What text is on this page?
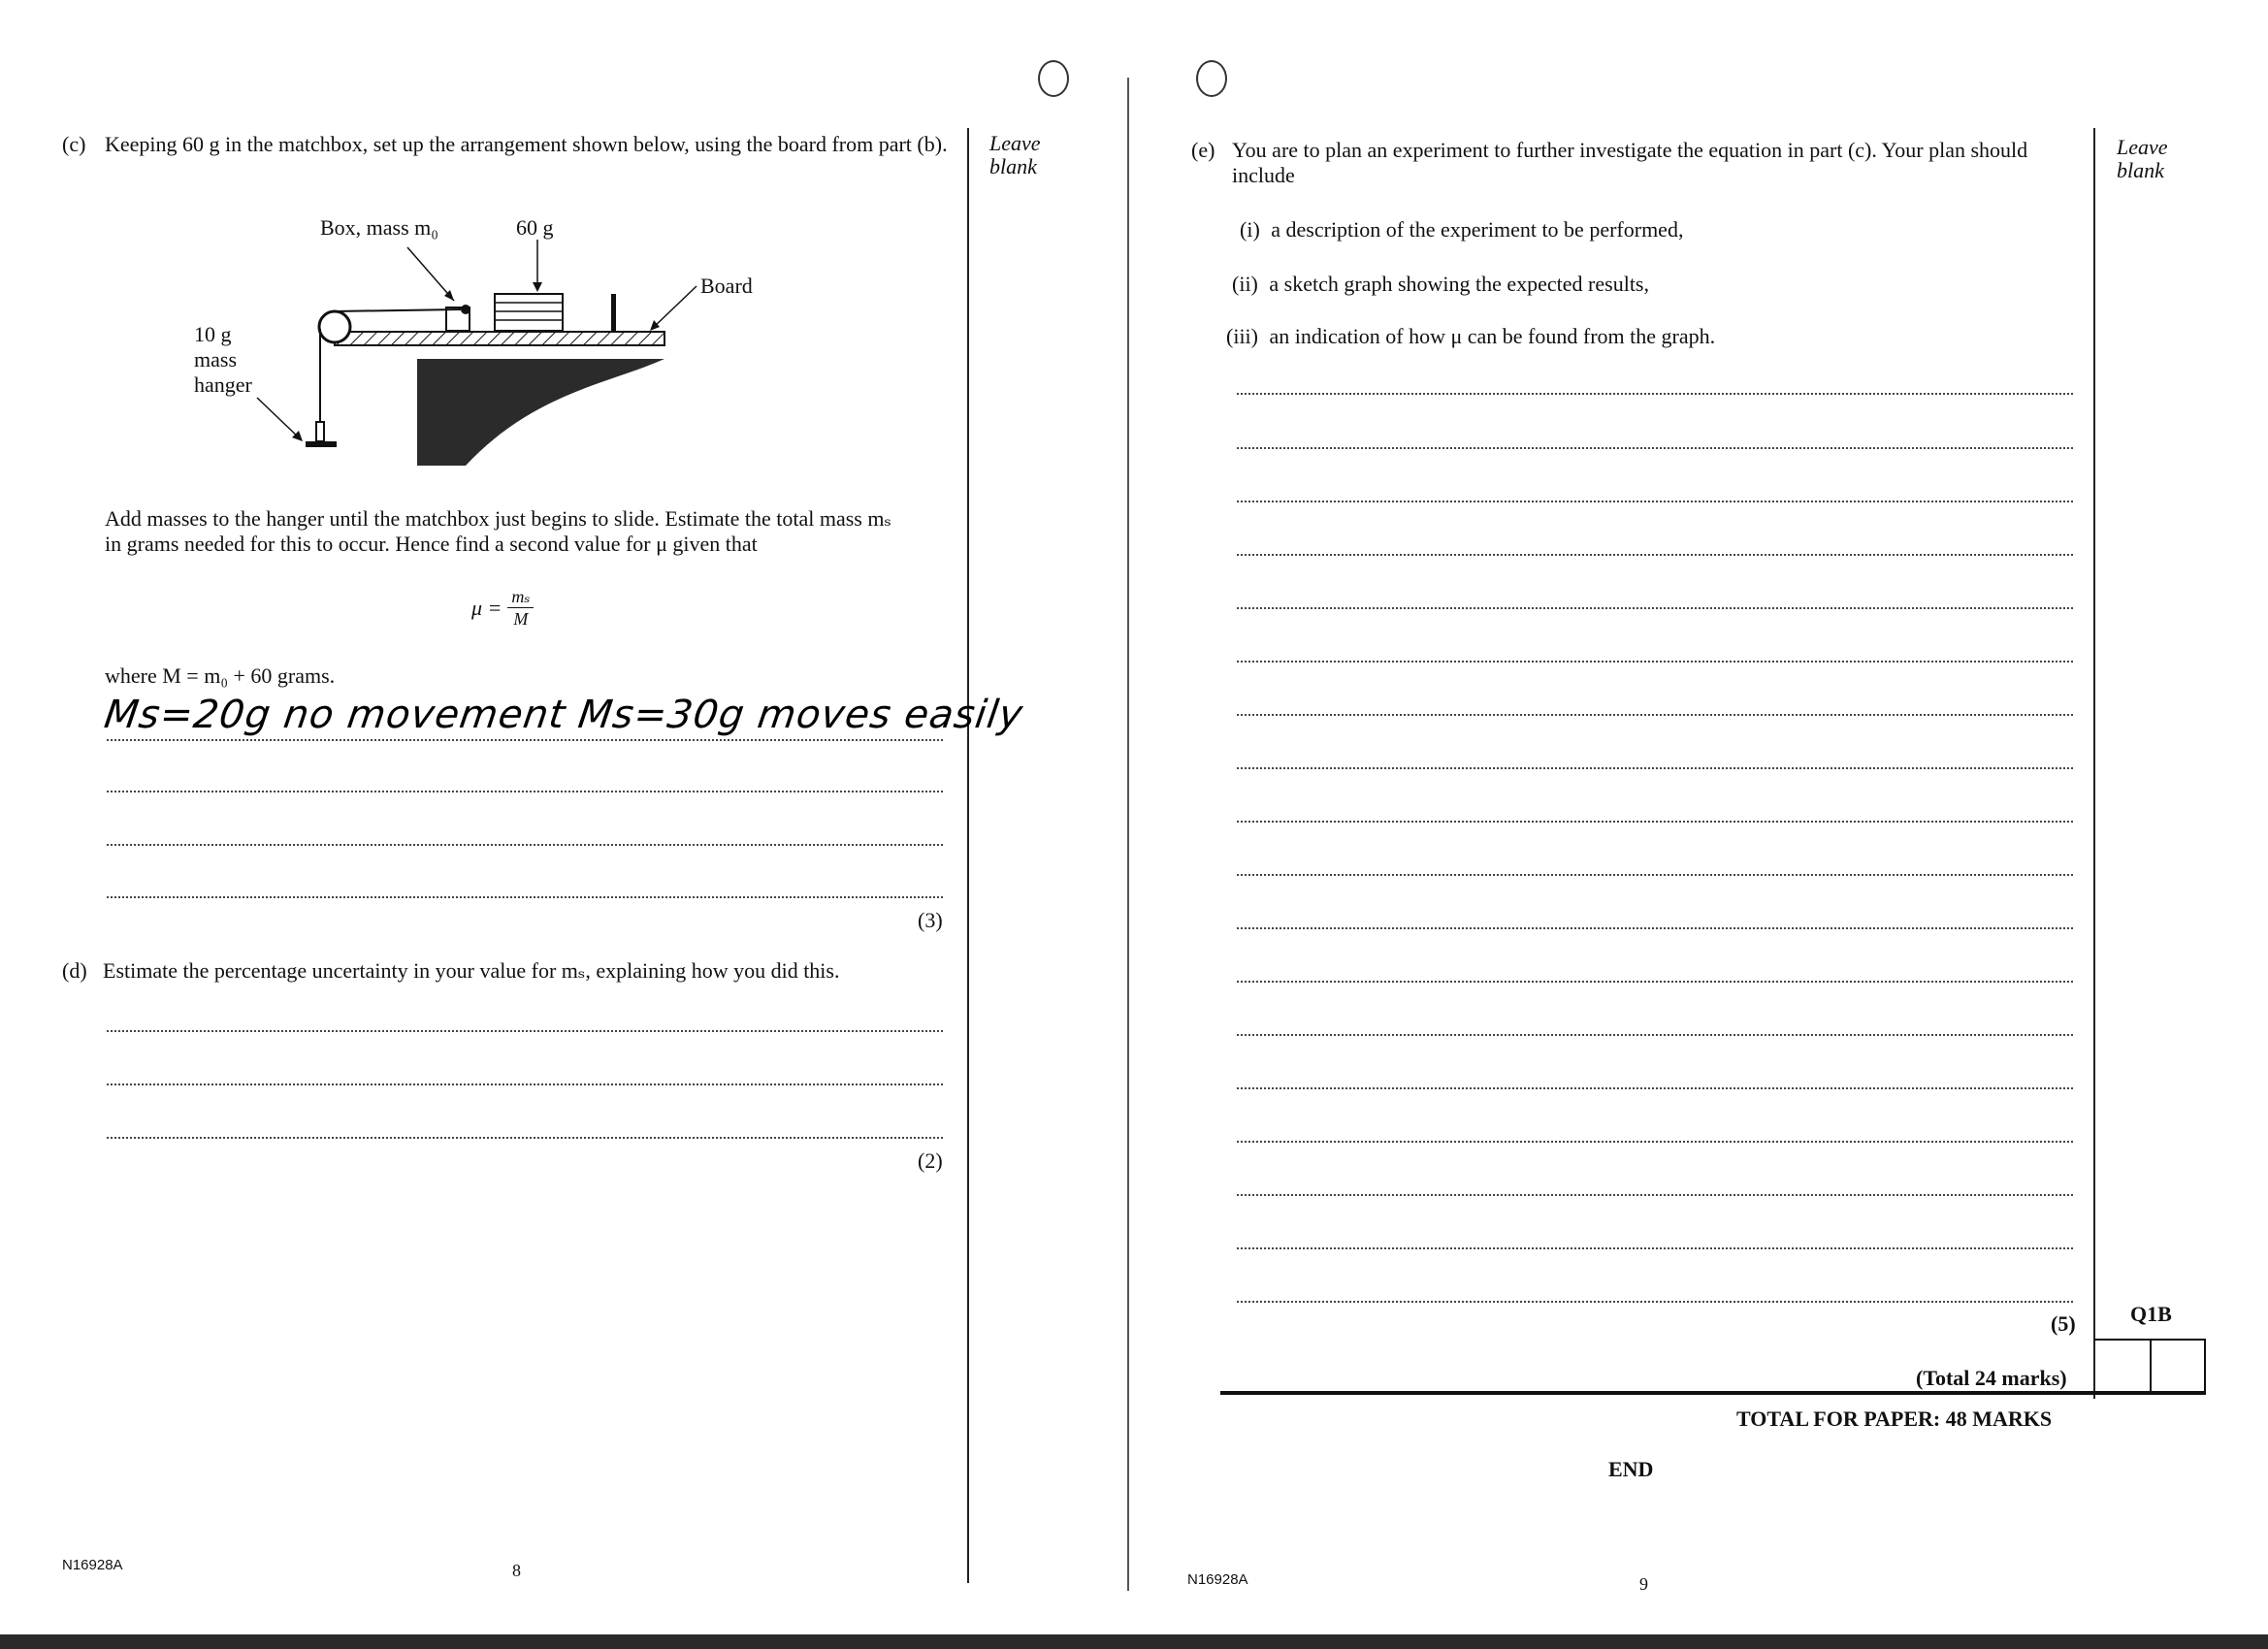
Leave
blank
(c) Keeping 60 g in the matchbox, set up the arrangement shown below, using the board from part (b).
Box, mass m₀	60 g
Board
10 g
mass
hanger
Add masses to the hanger until the matchbox just begins to slide. Estimate the total mass mₛ
in grams needed for this to occur. Hence find a second value for μ given that
$\mu = \frac{\text{mₛ}}{M}$
where M = m₀ + 60 grams.
Ms=20g no movement Ms=30g moves easily
(3)
(d) Estimate the percentage uncertainty in your value for mₛ, explaining how you did this.
(2)
N16928A	8
Leave
blank
(e) You are to plan an experiment to further investigate the equation in part (c). Your plan should
include
(i) a description of the experiment to be performed,
(ii) a sketch graph showing the expected results,
(iii) an indication of how μ can be found from the graph.
(5)	Q1B
(Total 24 marks)
TOTAL FOR PAPER: 48 MARKS
END
N16928A	9
